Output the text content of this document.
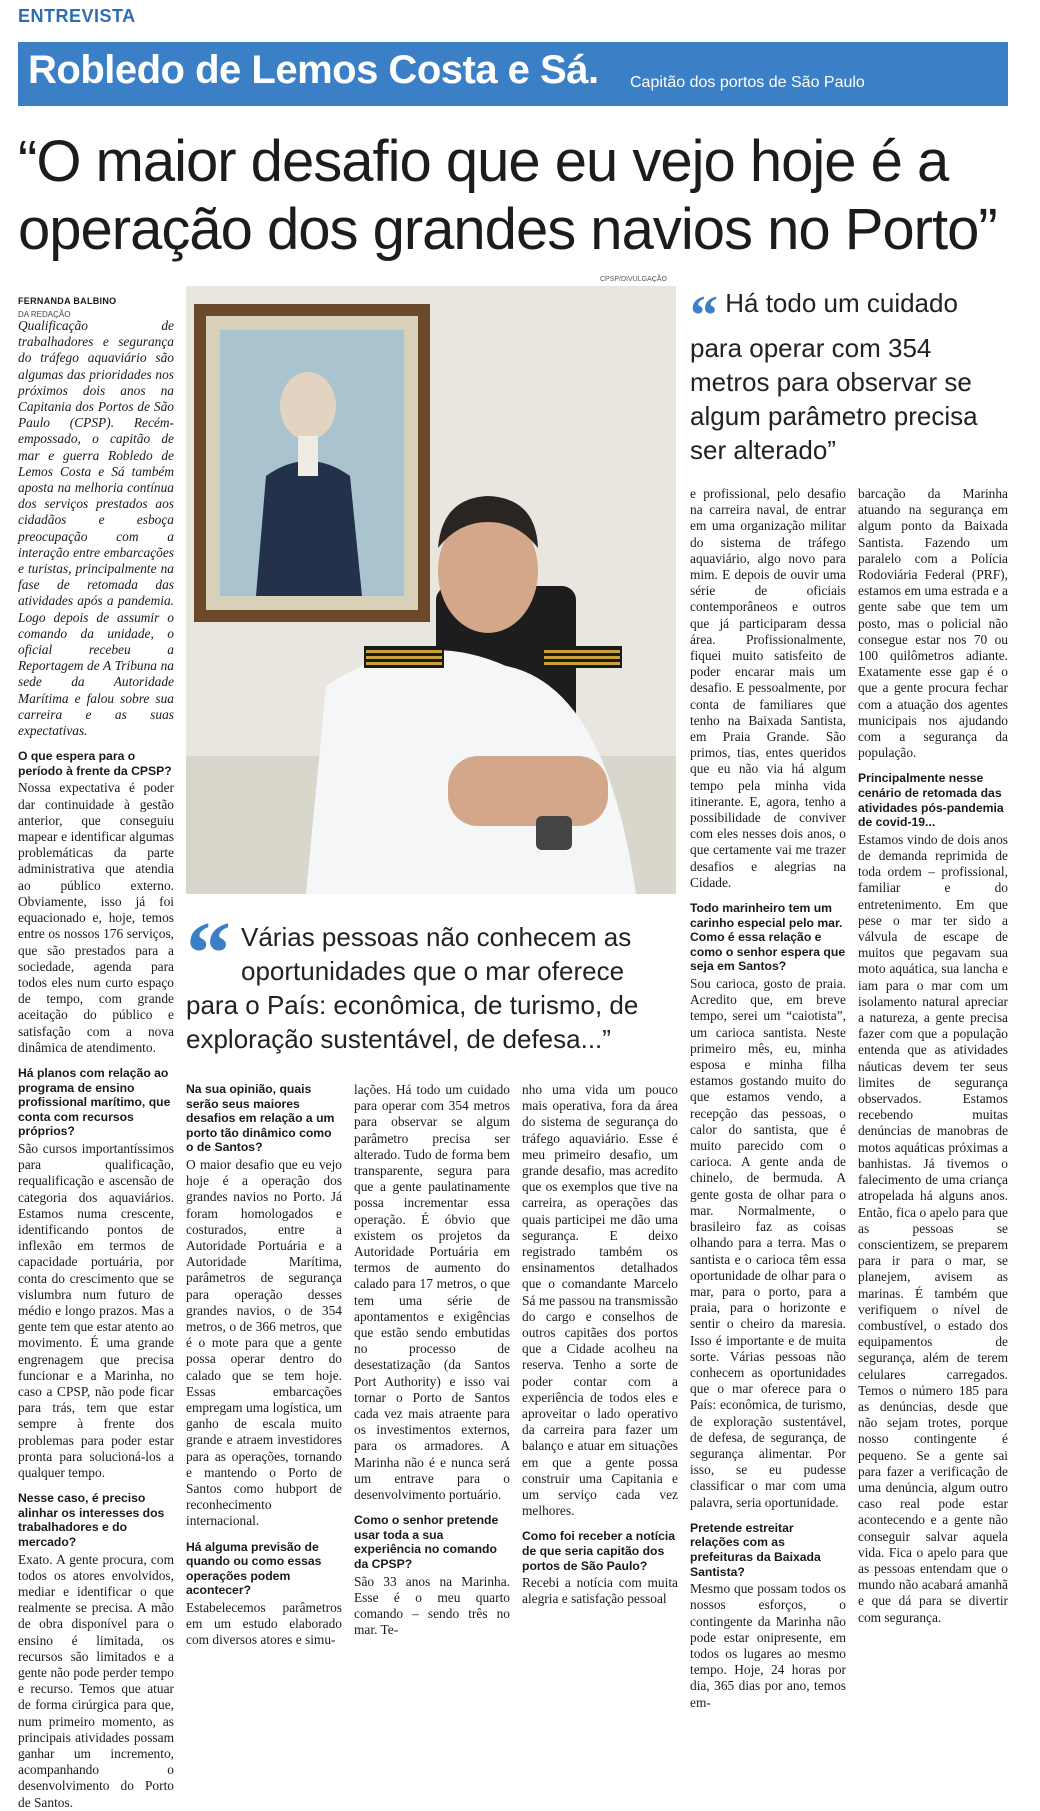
ENTREVISTA
Robledo de Lemos Costa e Sá. Capitão dos portos de São Paulo
“O maior desafio que eu vejo hoje é a operação dos grandes navios no Porto”
FERNANDA BALBINO
DA REDAÇÃO

Qualificação de trabalhadores e segurança do tráfego aquaviário são algumas das prioridades nos próximos dois anos na Capitania dos Portos de São Paulo (CPSP). Recém-empossado, o capitão de mar e guerra Robledo de Lemos Costa e Sá também aposta na melhoria contínua dos serviços prestados aos cidadãos e esboça preocupação com a interação entre embarcações e turistas, principalmente na fase de retomada das atividades após a pandemia. Logo depois de assumir o comando da unidade, o oficial recebeu a Reportagem de A Tribuna na sede da Autoridade Marítima e falou sobre sua carreira e as suas expectativas.

O que espera para o período à frente da CPSP?

Nossa expectativa é poder dar continuidade à gestão anterior, que conseguiu mapear e identificar algumas problemáticas da parte administrativa que atendia ao público externo. Obviamente, isso já foi equacionado e, hoje, temos entre os nossos 176 serviços, que são prestados para a sociedade, agenda para todos eles num curto espaço de tempo, com grande aceitação do público e satisfação com a nova dinâmica de atendimento.

Há planos com relação ao programa de ensino profissional marítimo, que conta com recursos próprios?

São cursos importantíssimos para qualificação, requalificação e ascensão de categoria dos aquaviários. Estamos numa crescente, identificando pontos de inflexão em termos de capacidade portuária, por conta do crescimento que se vislumbra num futuro de médio e longo prazos. Mas a gente tem que estar atento ao movimento. É uma grande engrenagem que precisa funcionar e a Marinha, no caso a CPSP, não pode ficar para trás, tem que estar sempre à frente dos problemas para poder estar pronta para solucioná-los a qualquer tempo.

Nesse caso, é preciso alinhar os interesses dos trabalhadores e do mercado?

Exato. A gente procura, com todos os atores envolvidos, mediar e identificar o que realmente se precisa. A mão de obra disponível para o ensino é limitada, os recursos são limitados e a gente não pode perder tempo e recurso. Temos que atuar de forma cirúrgica para que, num primeiro momento, as principais atividades possam ganhar um incremento, acompanhando o desenvolvimento do Porto de Santos.

CPSP/DIVULGAÇÃO
“ Há todo um cuidado para operar com 354 metros para observar se algum parâmetro precisa ser alterado”
“ Várias pessoas não conhecem as oportunidades que o mar oferece para o País: econômica, de turismo, de exploração sustentável, de defesa...”

Na sua opinião, quais serão seus maiores desafios em relação a um porto tão dinâmico como o de Santos?

O maior desafio que eu vejo hoje é a operação dos grandes navios no Porto. Já foram homologados e costurados, entre a Autoridade Portuária e a Autoridade Marítima, parâmetros de segurança para operação desses grandes navios, o de 354 metros, o de 366 metros, que é o mote para que a gente possa operar dentro do calado que se tem hoje. Essas embarcações empregam uma logística, um ganho de escala muito grande e atraem investidores para as operações, tornando e mantendo o Porto de Santos como hubport de reconhecimento internacional.

Há alguma previsão de quando ou como essas operações podem acontecer?

Estabelecemos parâmetros em um estudo elaborado com diversos atores e simu-

lações. Há todo um cuidado para operar com 354 metros para observar se algum parâmetro precisa ser alterado. Tudo de forma bem transparente, segura para que a gente paulatinamente possa incrementar essa operação. É óbvio que existem os projetos da Autoridade Portuária em termos de aumento do calado para 17 metros, o que tem uma série de apontamentos e exigências que estão sendo embutidas no processo de desestatização (da Santos Port Authority) e isso vai tornar o Porto de Santos cada vez mais atraente para os investimentos externos, para os armadores. A Marinha não é e nunca será um entrave para o desenvolvimento portuário.

Como o senhor pretende usar toda a sua experiência no comando da CPSP?

São 33 anos na Marinha. Esse é o meu quarto comando – sendo três no mar. Te-

nho uma vida um pouco mais operativa, fora da área do sistema de segurança do tráfego aquaviário. Esse é meu primeiro desafio, um grande desafio, mas acredito que os exemplos que tive na carreira, as operações das quais participei me dão uma segurança. E deixo registrado também os ensinamentos detalhados que o comandante Marcelo Sá me passou na transmissão do cargo e conselhos de outros capitães dos portos que a Cidade acolheu na reserva. Tenho a sorte de poder contar com a experiência de todos eles e aproveitar o lado operativo da carreira para fazer um balanço e atuar em situações em que a gente possa construir uma Capitania e um serviço cada vez melhores.

Como foi receber a notícia de que seria capitão dos portos de São Paulo?

Recebi a notícia com muita alegria e satisfação pessoal

e profissional, pelo desafio na carreira naval, de entrar em uma organização militar do sistema de tráfego aquaviário, algo novo para mim. E depois de ouvir uma série de oficiais contemporâneos e outros que já participaram dessa área. Profissionalmente, fiquei muito satisfeito de poder encarar mais um desafio. E pessoalmente, por conta de familiares que tenho na Baixada Santista, em Praia Grande. São primos, tias, entes queridos que eu não via há algum tempo pela minha vida itinerante. E, agora, tenho a possibilidade de conviver com eles nesses dois anos, o que certamente vai me trazer desafios e alegrias na Cidade.

Todo marinheiro tem um carinho especial pelo mar. Como é essa relação e como o senhor espera que seja em Santos?

Sou carioca, gosto de praia. Acredito que, em breve tempo, serei um “caiotista”, um carioca santista. Neste primeiro mês, eu, minha esposa e minha filha estamos gostando muito do que estamos vendo, a recepção das pessoas, o calor do santista, que é muito parecido com o carioca. A gente anda de chinelo, de bermuda. A gente gosta de olhar para o mar. Normalmente, o brasileiro faz as coisas olhando para a terra. Mas o santista e o carioca têm essa oportunidade de olhar para o mar, para o porto, para a praia, para o horizonte e sentir o cheiro da maresia. Isso é importante e de muita sorte. Várias pessoas não conhecem as oportunidades que o mar oferece para o País: econômica, de turismo, de exploração sustentável, de defesa, de segurança, de segurança alimentar. Por isso, se eu pudesse classificar o mar com uma palavra, seria oportunidade.

Pretende estreitar relações com as prefeituras da Baixada Santista?

Mesmo que possam todos os nossos esforços, o contingente da Marinha não pode estar onipresente, em todos os lugares ao mesmo tempo. Hoje, 24 horas por dia, 365 dias por ano, temos em-

barcação da Marinha atuando na segurança em algum ponto da Baixada Santista. Fazendo um paralelo com a Polícia Rodoviária Federal (PRF), estamos em uma estrada e a gente sabe que tem um posto, mas o policial não consegue estar nos 70 ou 100 quilômetros adiante. Exatamente esse gap é o que a gente procura fechar com a atuação dos agentes municipais nos ajudando com a segurança da população.

Principalmente nesse cenário de retomada das atividades pós-pandemia de covid-19...

Estamos vindo de dois anos de demanda reprimida de toda ordem – profissional, familiar e do entretenimento. Em que pese o mar ter sido a válvula de escape de muitos que pegavam sua moto aquática, sua lancha e iam para o mar com um isolamento natural apreciar a natureza, a gente precisa fazer com que a população entenda que as atividades náuticas devem ter seus limites de segurança observados. Estamos recebendo muitas denúncias de manobras de motos aquáticas próximas a banhistas. Já tivemos o falecimento de uma criança atropelada há alguns anos. Então, fica o apelo para que as pessoas se conscientizem, se preparem para ir para o mar, se planejem, avisem as marinas. É também que verifiquem o nível de combustível, o estado dos equipamentos de segurança, além de terem celulares carregados. Temos o número 185 para as denúncias, desde que não sejam trotes, porque nosso contingente é pequeno. Se a gente sai para fazer a verificação de uma denúncia, algum outro caso real pode estar acontecendo e a gente não conseguir salvar aquela vida. Fica o apelo para que as pessoas entendam que o mundo não acabará amanhã e que dá para se divertir com segurança.
